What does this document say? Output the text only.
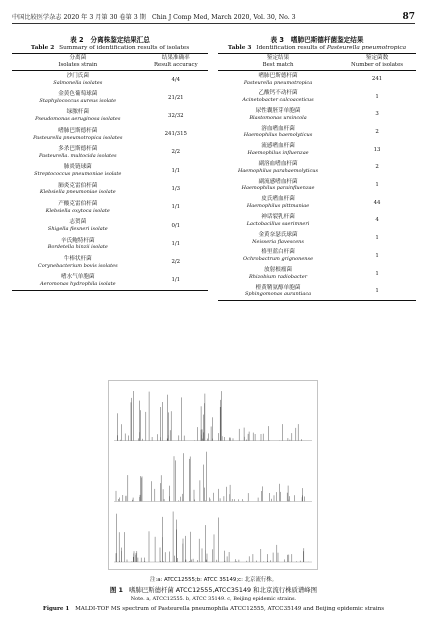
中国比较医学杂志 2020 年 3 月第 30 卷第 3 期　Chin J Comp Med, March 2020, Vol. 30, No. 3	87
表 2 分离株鉴定结果汇总
Table 2 Summary of identification results of isolates
分离菌
Isolates strain	结果准确率
Result accuracy

沙门氏菌
Salmonella isolates	4/4

金黄色葡萄球菌
Staphylococcus aureus isolate	21/21

绿脓杆菌
Pseudomonas aeruginosa isolates	32/32

嗜肺巴斯德杆菌
Pasteurella pneumotropica isolates	241/315

多杀巴斯德杆菌
Pasteurella. multocida isolates	2/2

肺炎链球菌
Streptococcus pneumoniae isolate	1/1

肺炎克雷伯杆菌
Klebsiella pneumoniae isolate	1/3

产酸克雷伯杆菌
Klebsiella oxytoca isolate	1/1

志贺菌
Shigella flexneri isolate	0/1

辛氏鲍特杆菌
Bordetella hinzii isolate	1/1

牛棒状杆菌
Corynebacterium bovis isolates	2/2

嗜水气单胞菌
Aeromonas hydrophila isolate	1/1
表 3 嗜肺巴斯德杆菌鉴定结果
Table 3 Identification results of Pasteurella pneumotropica
鉴定结果
Best match	鉴定菌数
Number of isolates

嗜肺巴斯德杆菌
Pasteurella pneumotropica	241

乙酸钙不动杆菌
Acinetobacter calcoaceticus	1

尿性囊胚芽单胞菌
Blastomonas ursincola	3

溶血嗜血杆菌
Haemophilus haemolyticus	2

流感嗜血杆菌
Haemophilus influenzae	13

副溶血嗜血杆菌
Haemophilus parahaemolyticus	2

副流感嗜血杆菌
Haemophilus parainfluenzae	1

皮氏嗜血杆菌
Haemophilus pittmaniae	44

神话裂乳杆菌
Lactobacillus saerimneri	4

金黄奈瑟氏球菌
Neisseria flavescens	1

格里蓝白杆菌
Ochrobactrum grignonense	1

放射根瘤菌
Rhizobium radiobacter	1

橙黄鞘氨醇单胞菌
Sphingomonas aurantiaca	1
注:a: ATCC12555;b: ATCC 35149;c: 北京流行株。
图 1 嗜肺巴斯德杆菌 ATCC12555,ATCC35149 和北京流行株质谱峰图
Note. a, ATCC12555. b, ATCC 35149. c, Beijing epidemic strains.
Figure 1 MALDI-TOF MS spectrum of Pasteurella pneumophila ATCC12555, ATCC35149 and Beijing epidemic strains
